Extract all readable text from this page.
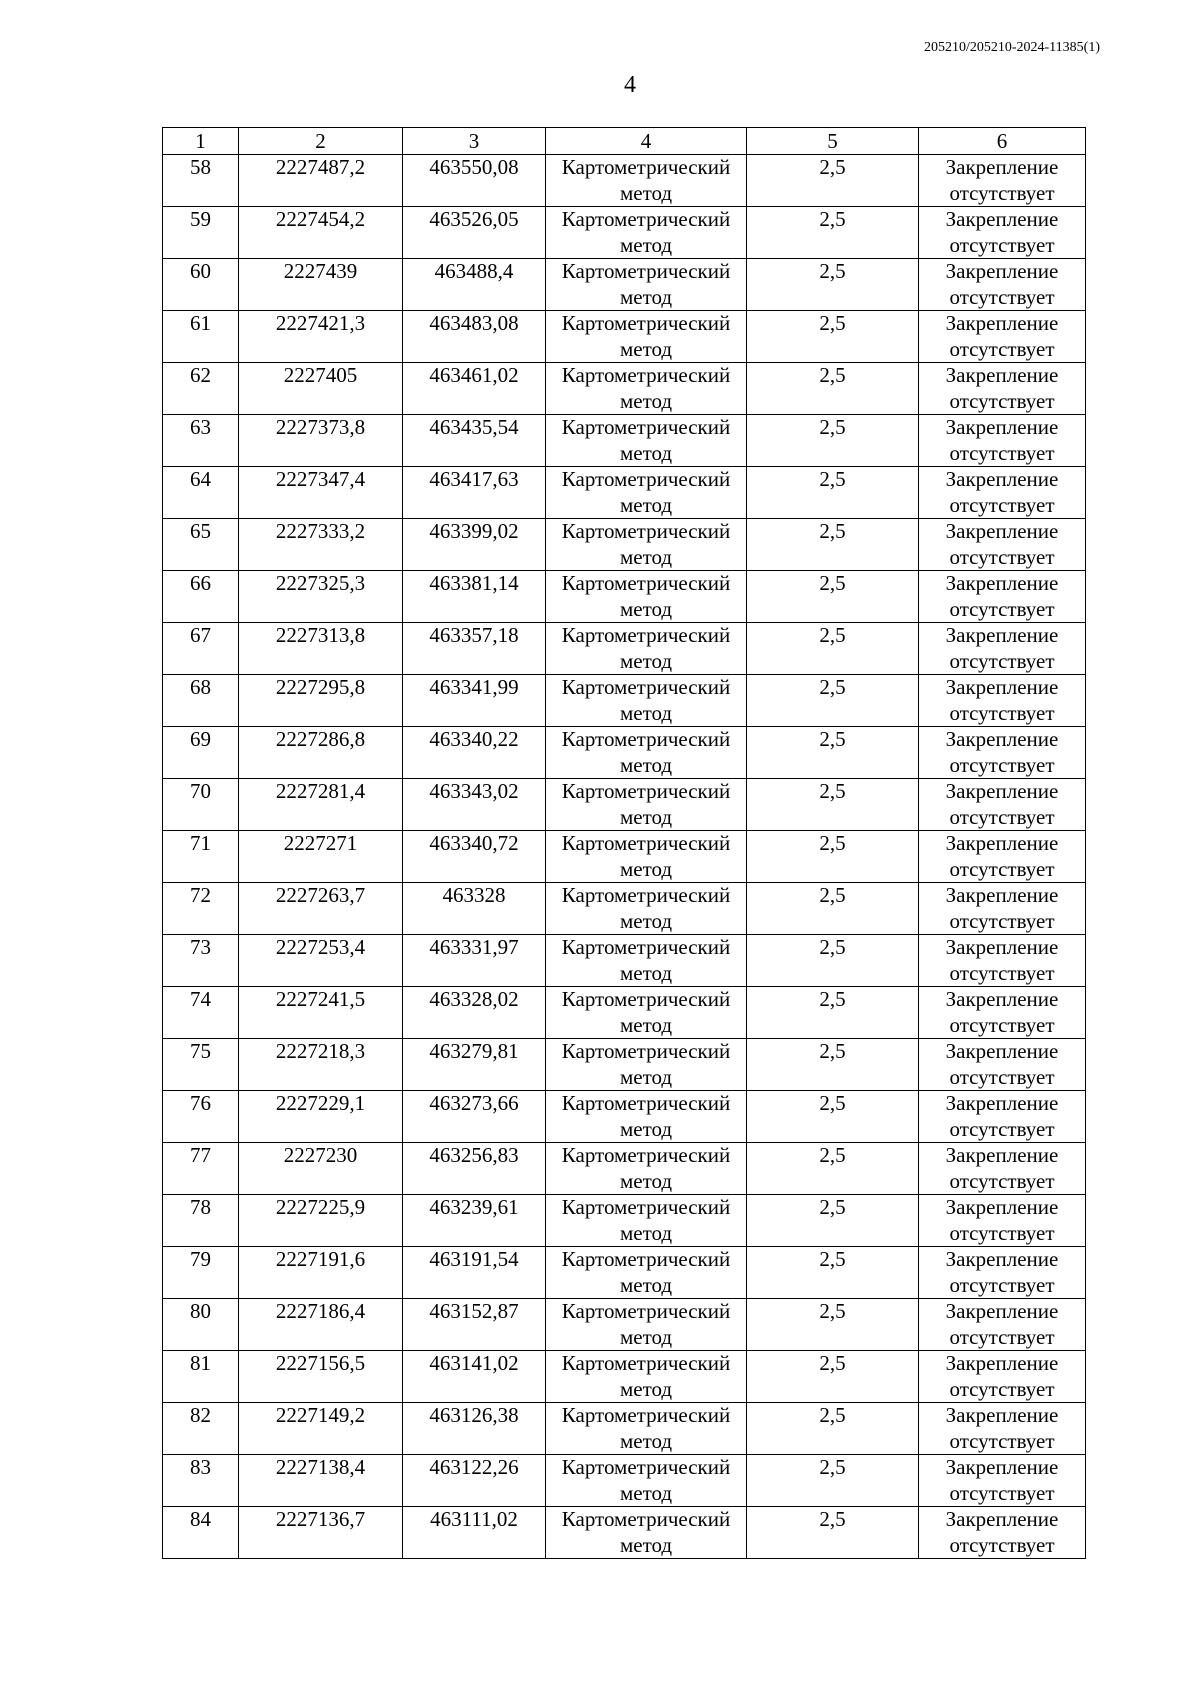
205210/205210-2024-11385(1)
4
1	2	3	4	5	6
58	2227487,2	463550,08	Картометрический метод	2,5	Закрепление отсутствует
59	2227454,2	463526,05	Картометрический метод	2,5	Закрепление отсутствует
60	2227439	463488,4	Картометрический метод	2,5	Закрепление отсутствует
61	2227421,3	463483,08	Картометрический метод	2,5	Закрепление отсутствует
62	2227405	463461,02	Картометрический метод	2,5	Закрепление отсутствует
63	2227373,8	463435,54	Картометрический метод	2,5	Закрепление отсутствует
64	2227347,4	463417,63	Картометрический метод	2,5	Закрепление отсутствует
65	2227333,2	463399,02	Картометрический метод	2,5	Закрепление отсутствует
66	2227325,3	463381,14	Картометрический метод	2,5	Закрепление отсутствует
67	2227313,8	463357,18	Картометрический метод	2,5	Закрепление отсутствует
68	2227295,8	463341,99	Картометрический метод	2,5	Закрепление отсутствует
69	2227286,8	463340,22	Картометрический метод	2,5	Закрепление отсутствует
70	2227281,4	463343,02	Картометрический метод	2,5	Закрепление отсутствует
71	2227271	463340,72	Картометрический метод	2,5	Закрепление отсутствует
72	2227263,7	463328	Картометрический метод	2,5	Закрепление отсутствует
73	2227253,4	463331,97	Картометрический метод	2,5	Закрепление отсутствует
74	2227241,5	463328,02	Картометрический метод	2,5	Закрепление отсутствует
75	2227218,3	463279,81	Картометрический метод	2,5	Закрепление отсутствует
76	2227229,1	463273,66	Картометрический метод	2,5	Закрепление отсутствует
77	2227230	463256,83	Картометрический метод	2,5	Закрепление отсутствует
78	2227225,9	463239,61	Картометрический метод	2,5	Закрепление отсутствует
79	2227191,6	463191,54	Картометрический метод	2,5	Закрепление отсутствует
80	2227186,4	463152,87	Картометрический метод	2,5	Закрепление отсутствует
81	2227156,5	463141,02	Картометрический метод	2,5	Закрепление отсутствует
82	2227149,2	463126,38	Картометрический метод	2,5	Закрепление отсутствует
83	2227138,4	463122,26	Картометрический метод	2,5	Закрепление отсутствует
84	2227136,7	463111,02	Картометрический метод	2,5	Закрепление отсутствует
